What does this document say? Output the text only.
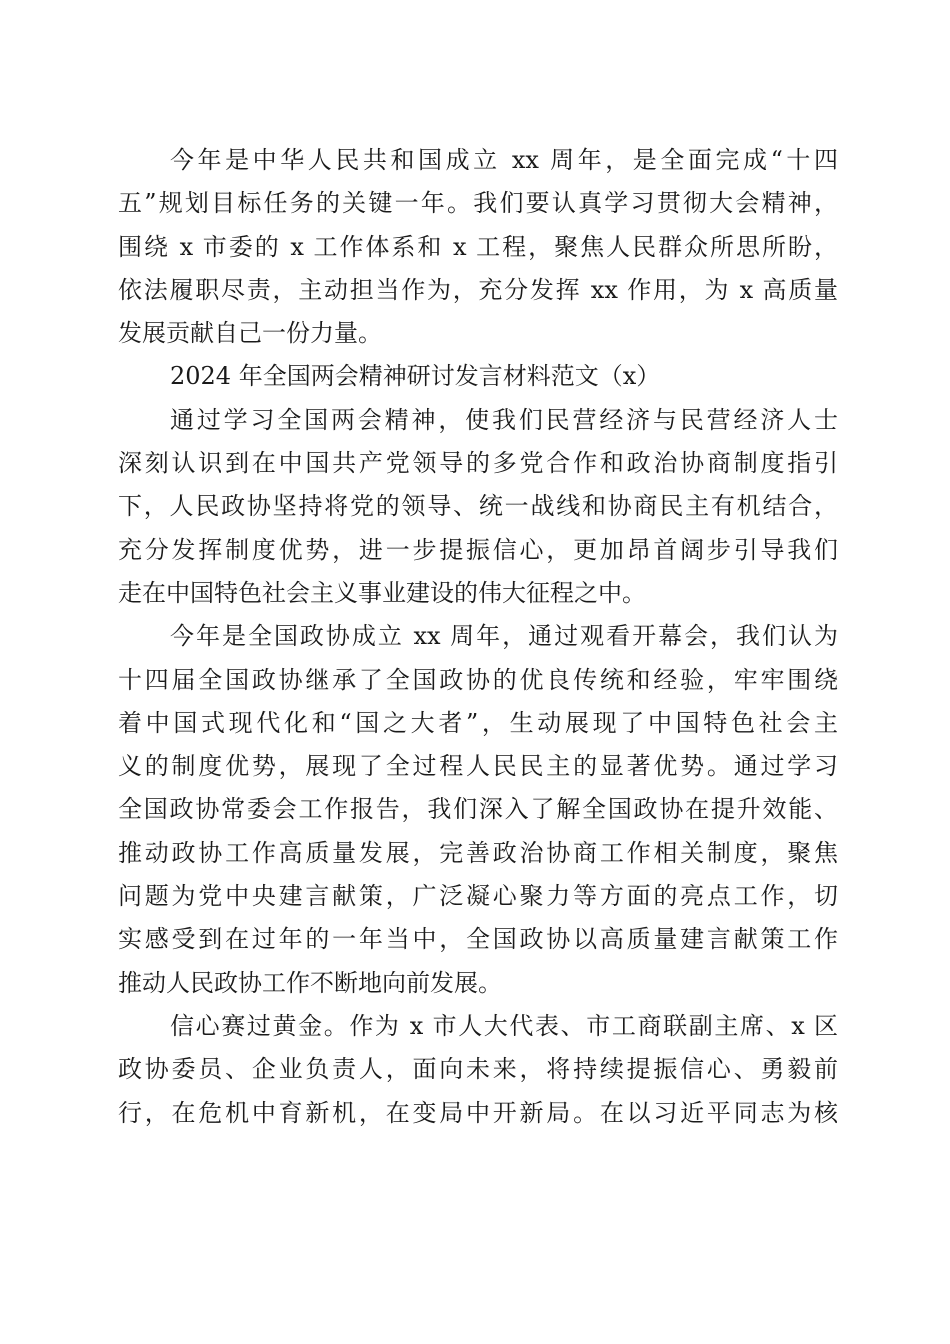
今年是中华人民共和国成立 xx 周年，是全面完成“十四
五”规划目标任务的关键一年。我们要认真学习贯彻大会精神，
围绕 x 市委的 x 工作体系和 x 工程，聚焦人民群众所思所盼，
依法履职尽责，主动担当作为，充分发挥 xx 作用，为 x 高质量
发展贡献自己一份力量。
2024 年全国两会精神研讨发言材料范文（x）
通过学习全国两会精神，使我们民营经济与民营经济人士
深刻认识到在中国共产党领导的多党合作和政治协商制度指引
下，人民政协坚持将党的领导、统一战线和协商民主有机结合，
充分发挥制度优势，进一步提振信心，更加昂首阔步引导我们
走在中国特色社会主义事业建设的伟大征程之中。
今年是全国政协成立 xx 周年，通过观看开幕会，我们认为
十四届全国政协继承了全国政协的优良传统和经验，牢牢围绕
着中国式现代化和“国之大者”，生动展现了中国特色社会主
义的制度优势，展现了全过程人民民主的显著优势。通过学习
全国政协常委会工作报告，我们深入了解全国政协在提升效能、
推动政协工作高质量发展，完善政治协商工作相关制度，聚焦
问题为党中央建言献策，广泛凝心聚力等方面的亮点工作，切
实感受到在过年的一年当中，全国政协以高质量建言献策工作
推动人民政协工作不断地向前发展。
信心赛过黄金。作为 x 市人大代表、市工商联副主席、x 区
政协委员、企业负责人，面向未来，将持续提振信心、勇毅前
行，在危机中育新机，在变局中开新局。在以习近平同志为核
